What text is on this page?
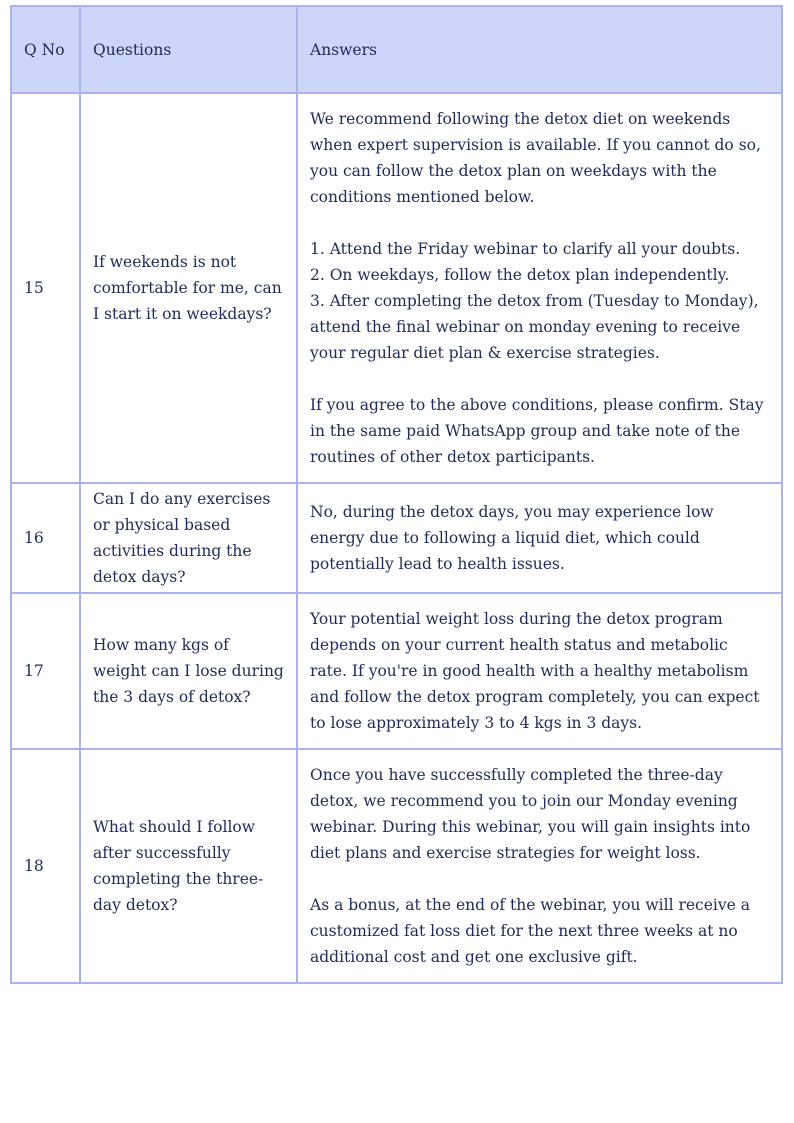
Q No	Questions	Answers
15	If weekends is not comfortable for me, can I start it on weekdays?	We recommend following the detox diet on weekends when expert supervision is available. If you cannot do so, you can follow the detox plan on weekdays with the conditions mentioned below.
1. Attend the Friday webinar to clarify all your doubts.
2. On weekdays, follow the detox plan independently.
3. After completing the detox from (Tuesday to Monday), attend the final webinar on monday evening to receive your regular diet plan & exercise strategies.
If you agree to the above conditions, please confirm. Stay in the same paid WhatsApp group and take note of the routines of other detox participants.

16	Can I do any exercises or physical based activities during the detox days?	No, during the detox days, you may experience low energy due to following a liquid diet, which could potentially lead to health issues.

17	How many kgs of weight can I lose during the 3 days of detox?	Your potential weight loss during the detox program depends on your current health status and metabolic rate. If you're in good health with a healthy metabolism and follow the detox program completely, you can expect to lose approximately 3 to 4 kgs in 3 days.

18	What should I follow after successfully completing the three-day detox?	Once you have successfully completed the three-day detox, we recommend you to join our Monday evening webinar. During this webinar, you will gain insights into diet plans and exercise strategies for weight loss.
As a bonus, at the end of the webinar, you will receive a customized fat loss diet for the next three weeks at no additional cost and get one exclusive gift.
